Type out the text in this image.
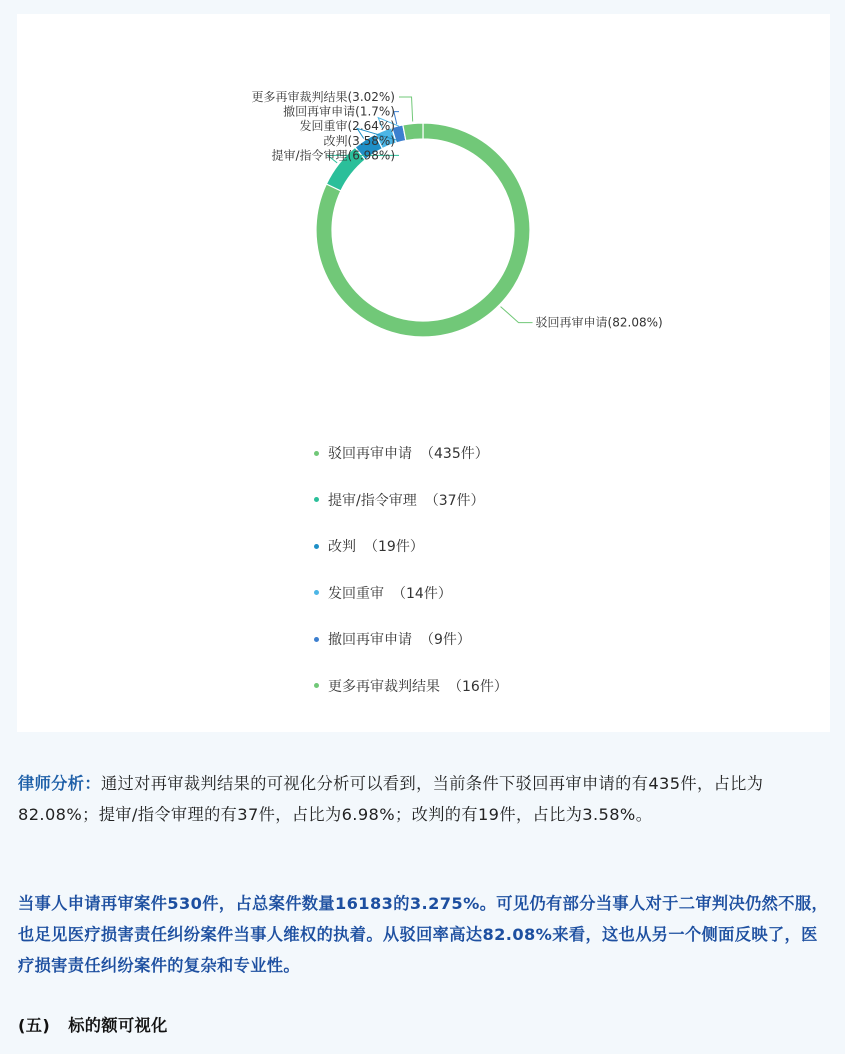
更多再审裁判结果(3.02%)
撤回再审申请(1.7%)
发回重审(2.64%)
改判(3.58%)
提审/指令审理(6.98%)
驳回再审申请(82.08%)
驳回再审申请 （435件）
提审/指令审理 （37件）
改判 （19件）
发回重审 （14件）
撤回再审申请 （9件）
更多再审裁判结果 （16件）
律师分析：通过对再审裁判结果的可视化分析可以看到，当前条件下驳回再审申请的有435件，占比为82.08%；提审/指令审理的有37件，占比为6.98%；改判的有19件，占比为3.58%。
当事人申请再审案件530件，占总案件数量16183的3.275%。可见仍有部分当事人对于二审判决仍然不服，也足见医疗损害责任纠纷案件当事人维权的执着。从驳回率高达82.08%来看，这也从另一个侧面反映了，医疗损害责任纠纷案件的复杂和专业性。
(五) 标的额可视化
